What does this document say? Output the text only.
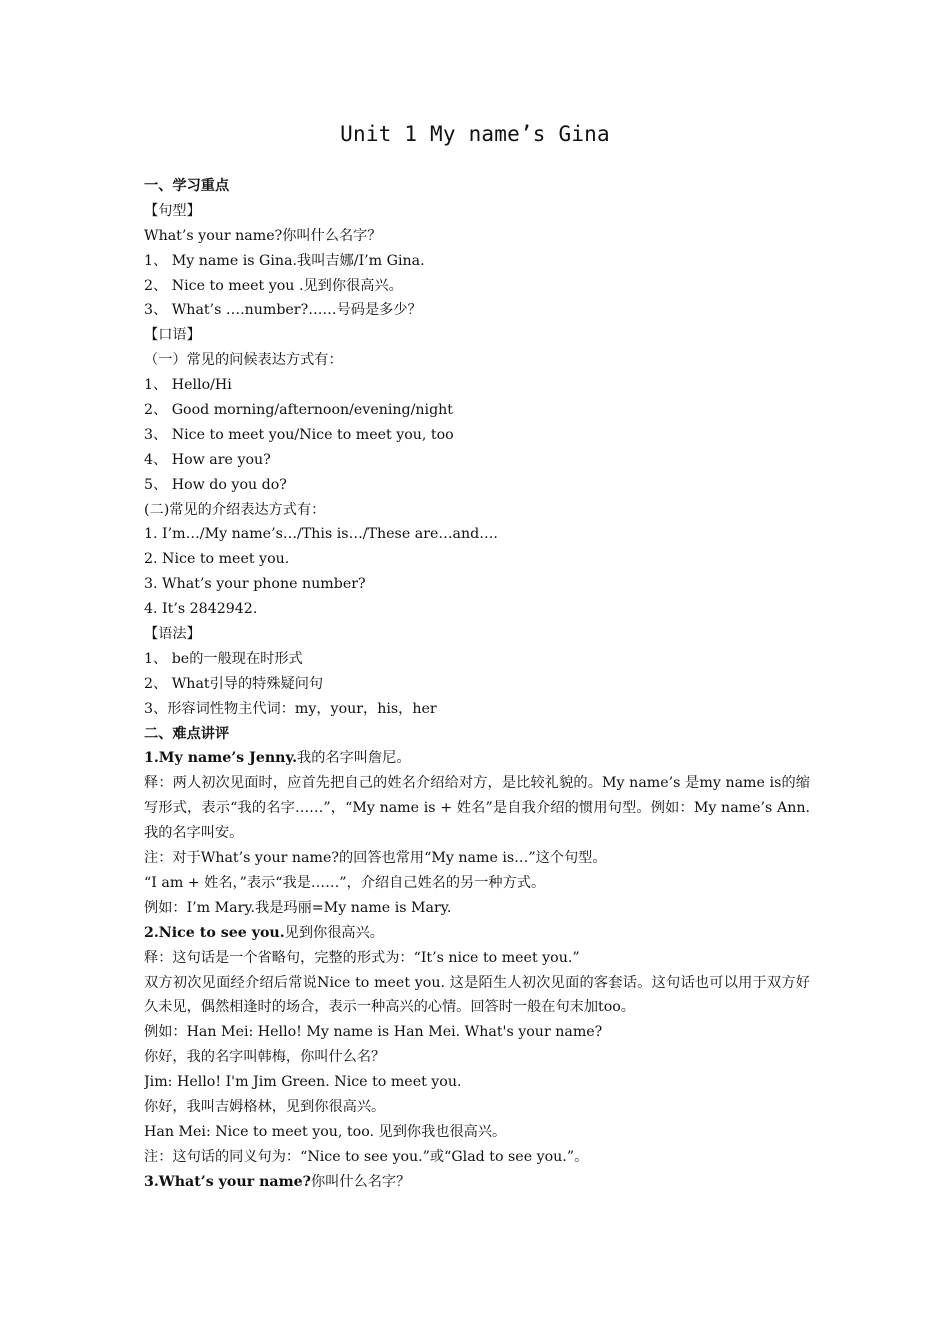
Unit 1 My name’s Gina
一、学习重点
【句型】
What’s your name?你叫什么名字？
1、 My name is Gina.我叫吉娜/I’m Gina.
2、 Nice to meet you .见到你很高兴。
3、 What’s ….number?……号码是多少？
【口语】
（一）常见的问候表达方式有：
1、 Hello/Hi
2、 Good morning/afternoon/evening/night
3、 Nice to meet you/Nice to meet you, too
4、 How are you?
5、 How do you do?
(二)常见的介绍表达方式有：
1. I’m…/My name’s…/This is…/These are…and….
2. Nice to meet you.
3. What’s your phone number?
4. It’s 2842942.
【语法】
1、 be的一般现在时形式
2、 What引导的特殊疑问句
3、形容词性物主代词：my，your，his，her
二、难点讲评
1.My name’s Jenny.我的名字叫詹尼。
释：两人初次见面时，应首先把自己的姓名介绍给对方，是比较礼貌的。My name’s 是my name is的缩写形式，表示“我的名字……”，“My name is + 姓名”是自我介绍的惯用句型。例如：My name’s Ann.我的名字叫安。
注：对于What’s your name?的回答也常用“My name is…”这个句型。
“I am + 姓名，”表示“我是……”，介绍自己姓名的另一种方式。
例如：I’m Mary.我是玛丽=My name is Mary.
2.Nice to see you.见到你很高兴。
释：这句话是一个省略句，完整的形式为：“It’s nice to meet you.”
双方初次见面经介绍后常说Nice to meet you. 这是陌生人初次见面的客套话。这句话也可以用于双方好久未见，偶然相逢时的场合，表示一种高兴的心情。回答时一般在句末加too。
例如：Han Mei: Hello! My name is Han Mei. What's your name?
你好，我的名字叫韩梅，你叫什么名？
Jim: Hello! I'm Jim Green. Nice to meet you.
你好，我叫吉姆格林，见到你很高兴。
Han Mei: Nice to meet you, too. 见到你我也很高兴。
注：这句话的同义句为：“Nice to see you.”或“Glad to see you.”。
3.What’s your name?你叫什么名字？
